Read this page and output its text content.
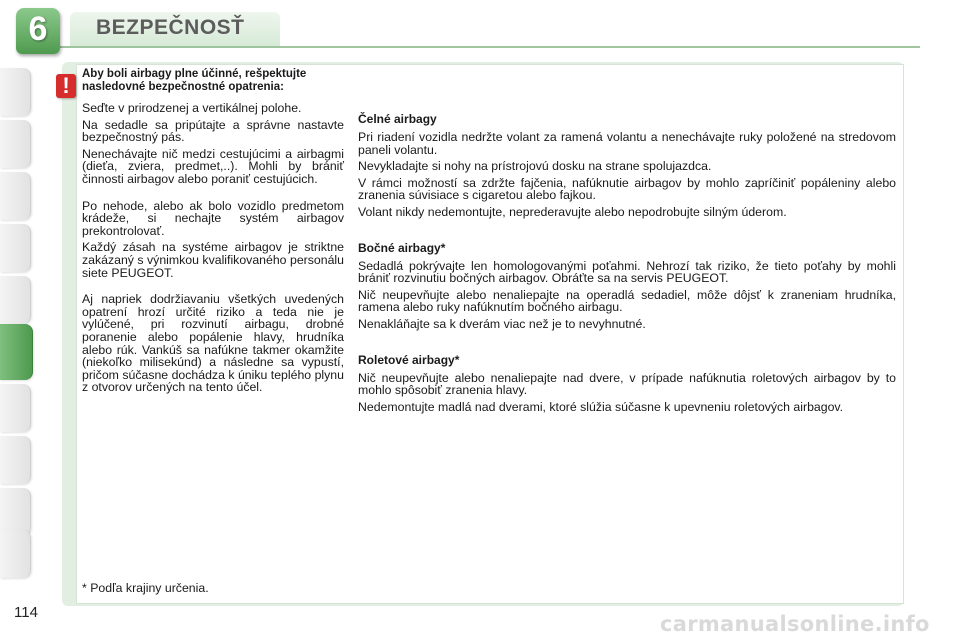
6	BEZPEČNOSŤ
!	Aby boli airbagy plne účinné, rešpektujte nasledovné bezpečnostné opatrenia:

Seďte v prirodzenej a vertikálnej polohe.

Na sedadle sa pripútajte a správne nastavte bezpečnostný pás.

Nenechávajte nič medzi cestujúcimi a airbagmi (dieťa, zviera, predmet,..). Mohli by brániť činnosti airbagov alebo poraniť cestujúcich.

Po nehode, alebo ak bolo vozidlo predmetom krádeže, si nechajte systém airbagov prekontrolovať.

Každý zásah na systéme airbagov je striktne zakázaný s výnimkou kvalifikovaného personálu siete PEUGEOT.

Aj napriek dodržiavaniu všetkých uvedených opatrení hrozí určité riziko a teda nie je vylúčené, pri rozvinutí airbagu, drobné poranenie alebo popálenie hlavy, hrudníka alebo rúk. Vankúš sa nafúkne takmer okamžite (niekoľko milisekúnd) a následne sa vypustí, pričom súčasne dochádza k úniku teplého plynu z otvorov určených na tento účel.

Čelné airbagy

Pri riadení vozidla nedržte volant za ramená volantu a nenechávajte ruky položené na stredovom paneli volantu.

Nevykladajte si nohy na prístrojovú dosku na strane spolujazdca.

V rámci možností sa zdržte fajčenia, nafúknutie airbagov by mohlo zapríčiniť popáleniny alebo zranenia súvisiace s cigaretou alebo fajkou.

Volant nikdy nedemontujte, neprederavujte alebo nepodrobujte silným úderom.

Bočné airbagy*

Sedadlá pokrývajte len homologovanými poťahmi. Nehrozí tak riziko, že tieto poťahy by mohli brániť rozvinutiu bočných airbagov. Obráťte sa na servis PEUGEOT.

Nič neupevňujte alebo nenaliepajte na operadlá sedadiel, môže dôjsť k zraneniam hrudníka, ramena alebo ruky nafúknutím bočného airbagu.

Nenakláňajte sa k dverám viac než je to nevyhnutné.

Roletové airbagy*

Nič neupevňujte alebo nenaliepajte nad dvere, v prípade nafúknutia roletových airbagov by to mohlo spôsobiť zranenia hlavy.

Nedemontujte madlá nad dverami, ktoré slúžia súčasne k upevneniu roletových airbagov.

* Podľa krajiny určenia.
114	carmanualsonline.info
